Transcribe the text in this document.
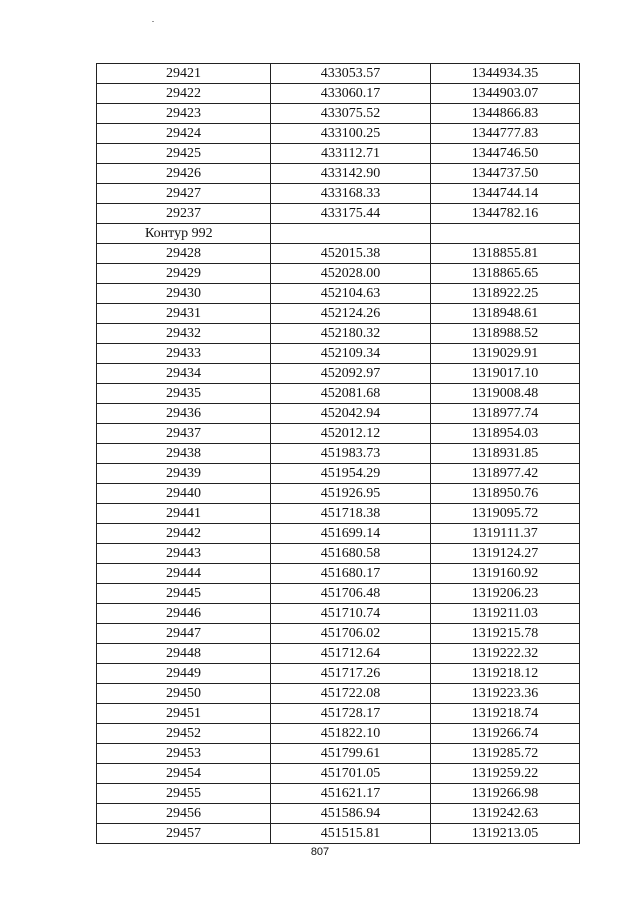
29421	433053.57	1344934.35
29422	433060.17	1344903.07
29423	433075.52	1344866.83
29424	433100.25	1344777.83
29425	433112.71	1344746.50
29426	433142.90	1344737.50
29427	433168.33	1344744.14
29237	433175.44	1344782.16
Контур 992		
29428	452015.38	1318855.81
29429	452028.00	1318865.65
29430	452104.63	1318922.25
29431	452124.26	1318948.61
29432	452180.32	1318988.52
29433	452109.34	1319029.91
29434	452092.97	1319017.10
29435	452081.68	1319008.48
29436	452042.94	1318977.74
29437	452012.12	1318954.03
29438	451983.73	1318931.85
29439	451954.29	1318977.42
29440	451926.95	1318950.76
29441	451718.38	1319095.72
29442	451699.14	1319111.37
29443	451680.58	1319124.27
29444	451680.17	1319160.92
29445	451706.48	1319206.23
29446	451710.74	1319211.03
29447	451706.02	1319215.78
29448	451712.64	1319222.32
29449	451717.26	1319218.12
29450	451722.08	1319223.36
29451	451728.17	1319218.74
29452	451822.10	1319266.74
29453	451799.61	1319285.72
29454	451701.05	1319259.22
29455	451621.17	1319266.98
29456	451586.94	1319242.63
29457	451515.81	1319213.05
807
